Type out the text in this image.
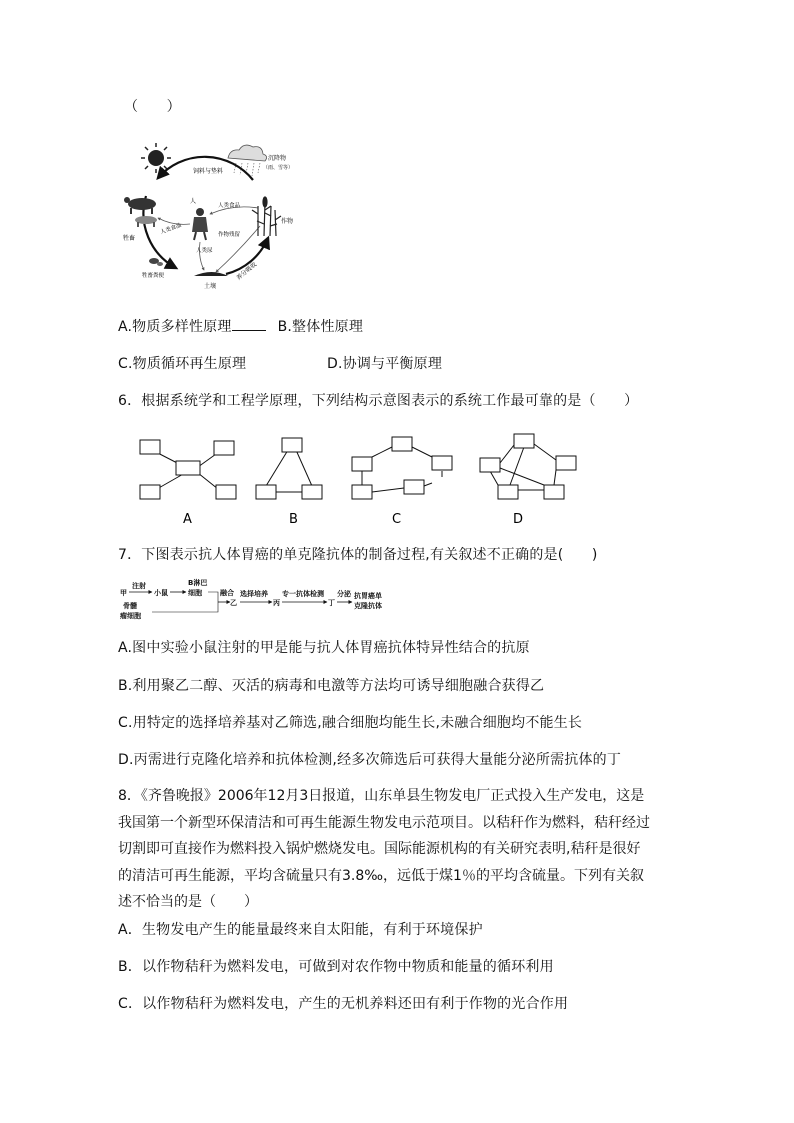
（　　）
沉降物
（雨、雪等）
饲料与垫料
牲畜
人
人类食品
人类食品	作物残留
人类尿
作物
牲畜粪便
土壤
养分吸收
A.物质多样性原理	B.整体性原理
C.物质循环再生原理	D.协调与平衡原理
6．根据系统学和工程学原理，下列结构示意图表示的系统工作最可靠的是（　　）
A	B	C	D
7．下图表示抗人体胃癌的单克隆抗体的制备过程,有关叙述不正确的是(　　)
甲
注射
小鼠
B淋巴
细胞
骨髓
瘤细胞
融合
乙
选择培养
丙
专一抗体检测
丁
分泌 抗胃癌单
克隆抗体
A.图中实验小鼠注射的甲是能与抗人体胃癌抗体特异性结合的抗原
B.利用聚乙二醇、灭活的病毒和电激等方法均可诱导细胞融合获得乙
C.用特定的选择培养基对乙筛选,融合细胞均能生长,未融合细胞均不能生长
D.丙需进行克隆化培养和抗体检测,经多次筛选后可获得大量能分泌所需抗体的丁
8．《齐鲁晚报》2006年12月3日报道，山东单县生物发电厂正式投入生产发电，这是
我国第一个新型环保清洁和可再生能源生物发电示范项目。以秸秆作为燃料，秸秆经过
切割即可直接作为燃料投入锅炉燃烧发电。国际能源机构的有关研究表明,秸秆是很好
的清洁可再生能源，平均含硫量只有3.8‰，远低于煤1％的平均含硫量。下列有关叙
述不恰当的是（　　）
A．生物发电产生的能量最终来自太阳能，有利于环境保护
B．以作物秸秆为燃料发电，可做到对农作物中物质和能量的循环利用
C．以作物秸秆为燃料发电，产生的无机养料还田有利于作物的光合作用
